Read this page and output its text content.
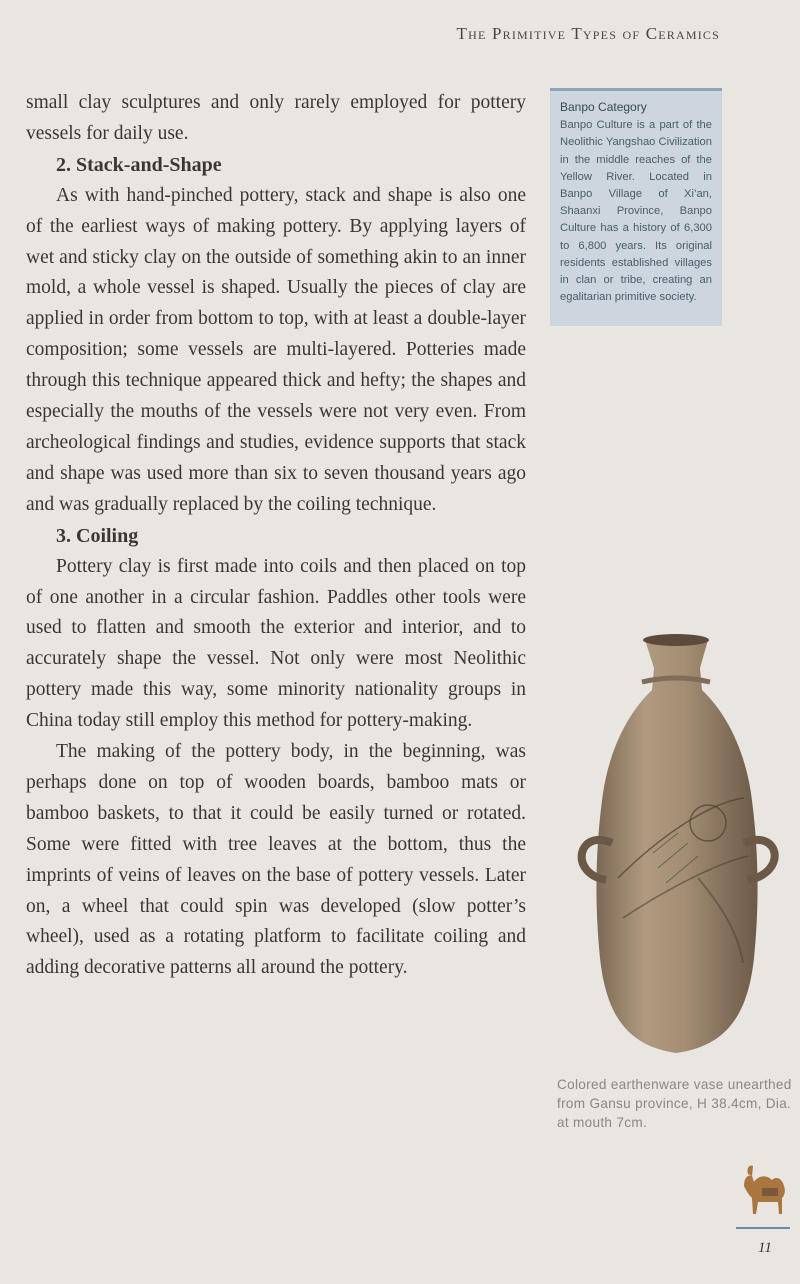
The Primitive Types of Ceramics

small clay sculptures and only rarely employed for pottery vessels for daily use.

2. Stack-and-Shape

As with hand-pinched pottery, stack and shape is also one of the earliest ways of making pottery. By applying layers of wet and sticky clay on the outside of something akin to an inner mold, a whole vessel is shaped. Usually the pieces of clay are applied in order from bottom to top, with at least a double-layer composition; some vessels are multi-layered. Potteries made through this technique appeared thick and hefty; the shapes and especially the mouths of the vessels were not very even. From archeological findings and studies, evidence supports that stack and shape was used more than six to seven thousand years ago and was gradually replaced by the coiling technique.

3. Coiling

Pottery clay is first made into coils and then placed on top of one another in a circular fashion. Paddles other tools were used to flatten and smooth the exterior and interior, and to accurately shape the vessel. Not only were most Neolithic pottery made this way, some minority nationality groups in China today still employ this method for pottery-making.

The making of the pottery body, in the beginning, was perhaps done on top of wooden boards, bamboo mats or bamboo baskets, to that it could be easily turned or rotated. Some were fitted with tree leaves at the bottom, thus the imprints of veins of leaves on the base of pottery vessels. Later on, a wheel that could spin was developed (slow potter’s wheel), used as a rotating platform to facilitate coiling and adding decorative patterns all around the pottery.

Banpo Category
Banpo Culture is a part of the Neolithic Yangshao Civilization in the middle reaches of the Yellow River. Located in Banpo Village of Xi’an, Shaanxi Province, Banpo Culture has a history of 6,300 to 6,800 years. Its original residents established villages in clan or tribe, creating an egalitarian primitive society.
Colored earthenware vase unearthed from Gansu province, H 38.4cm, Dia. at mouth 7cm.
11
